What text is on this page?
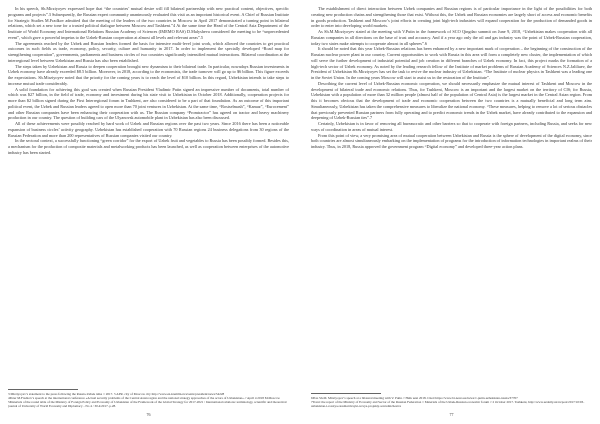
In his speech, Sh.Mirziyoyev expressed hope that “the countries’ mutual desire will fill bilateral partnership with new practical content, objectives, specific programs and projects”.3 Subsequently, the Russian expert community unanimously evaluated this visit as an important historical event. A Chief of Russian Institute for Strategic Studies M.Fradkov admitted that the meeting of the leaders of the two countries in Moscow in April 2017 demonstrated a turning point in bilateral relations, which set a new tone for a trusted political dialogue between Moscow and Tashkent.”4 At the same time the Head of the Central Asia Department of the Institute of World Economy and International Relations Russian Academy of Sciences (IMEMO RAS) D.Malysheva considered the meeting to be “unprecedented event”, which gave a powerful impetus to the Uzbek-Russian cooperation at almost all levels and relevant areas”.5

The agreements reached by the Uzbek and Russian leaders formed the basis for intensive multi-level joint work, which allowed the countries to get practical outcomes in such fields as trade, economy, policy, security, culture and humanity in 2017. In order to implement the specially developed “Road map for strengthening cooperation”, governments, parliaments and business circles of two countries significantly intensified mutual interactions. Bilateral coordination at the interregional level between Uzbekistan and Russia has also been established.

The steps taken by Uzbekistan and Russia to deepen cooperation brought new dynamism to their bilateral trade. In particular, nowadays Russian investments in Uzbek economy have already exceeded $8.5 billion. Moreover, in 2018, according to the economists, the trade turnover will go up to $6 billion. This figure exceeds the expectations. Sh.Mirziyoyev noted that the priority for the coming years is to reach the level of $10 billion. In this regard, Uzbekistan intends to take steps to increase mutual trade considerably.

A solid foundation for achieving this goal was created when Russian President Vladimir Putin signed an impressive number of documents, total number of which was $27 billion, in the field of trade, economy and investment during his state visit to Uzbekistan in October 2018. Additionally, cooperation projects for more than $2 billion signed during the First Interregional forum in Tashkent, are also considered to be a part of that foundation. As an outcome of this important political event, the Uzbek and Russian leaders agreed to open more than 70 joint ventures in Uzbekistan. At the same time, “Rostselmash”, “Kamaz”, “Eurocement” and other Russian companies have been enhancing their cooperation with us. The Russian company “Promtractor” has agreed on tractor and heavy machinery production in our country. The question of building cars of the Ulyanovsk automobile plant in Uzbekistan has also been discussed.

All of these achievements were possibly reached by hard work of Uzbek and Russian regions over the past two years. Since 2016 there has been a noticeable expansion of business circles’ activity geography. Uzbekistan has established cooperation with 70 Russian regions 24 business delegations from 30 regions of the Russian Federation and more than 200 representatives of Russian companies visited our country.

In the sectoral context, a successfully functioning “green corridor” for the export of Uzbek fruit and vegetables to Russia has been possibly formed. Besides this, a mechanism for the production of composite materials and metalworking products has been launched, as well as cooperation between enterprises of the automotive industry has been started.

3 Mirziyoyev’s statement to the press following the Russia-Uzbek talks // 2017. 5 APR. city of Moscow city http://www.en.kremlin.ru/events/president/news/54228

4Peter M.Fradkov’s speech at the international conference «Actual security problems of the Central Asian region and the national strategy approaches of the actors of Uzbekistan» // April 4 2018 M.Moscow

5Materials of the round table of the Ministry of Foreign Policy and Economy of Uzbekistan of the Framework of the Global Strategy for 2017-2021 / International relations: terminology, scientific and theoretical journal of University of World Economy and Diplomacy - No 4 / 30.4/2017. p.28.

76

The establishment of direct interaction between Uzbek companies and Russian regions is of particular importance in the light of the possibilities for both creating new production chains and strengthening those that exist. Without this, the Uzbek and Russian economies are largely short of access and economic benefits in goods production. Tashkent and Moscow’s joint efforts in creating joint high-tech industries will expand cooperation for the production of demanded goods in order to enter into developing world markets.

As Sh.M.Mirziyoyev stated at the meeting with V.Putin in the framework of SCO Qingdao summit on June 9, 2018, “Uzbekistan makes cooperation with all Russian companies in all directions on the base of trust and accuracy. And if a year ago only the oil and gas industry was the point of Uzbek-Russian cooperation, today two states make attempts to cooperate almost in all spheres”.6

It should be noted that this year Uzbek-Russian relations has been enhanced by a new important mark of cooperation – the beginning of the construction of the Russian nuclear power plant in our country. Current opportunities to work with Russia in this area will form a completely new cluster, the implementation of which will serve the further development of industrial potential and job creation in different branches of Uzbek economy. In fact, this project marks the formation of a high-tech sector of Uzbek economy. As noted by the leading research fellow of the Institute of market problems of Russian Academy of Sciences N.Z.Jaliliaev, the President of Uzbekistan Sh.Mirziyoyev has set the task to revive the nuclear industry of Uzbekistan. “The Institute of nuclear physics in Tashkent was a leading one in the Soviet Union. In the coming years Moscow will start to assist us in the restoration of the Institute”.

Describing the current level of Uzbek-Russian economic cooperation, we should necessarily emphasize the mutual interest of Tashkent and Moscow in the development of bilateral trade and economic relations. Thus, for Tashkent, Moscow is an important and the largest market on the territory of CIS; for Russia, Uzbekistan with a population of more than 32 million people (almost half of the population of Central Asia) is the largest market in the Central Asian region. From this it becomes obvious that the development of trade and economic cooperation between the two countries is a mutually beneficial and long term aim. Simultaneously, Uzbekistan has taken the comprehensive measures to liberalize the national economy. “These measures, helping to remove a lot of serious obstacles that previously prevented Russian partners from fully operating and to predict economic trends in the Uzbek market, have already contributed to the expansion and deepening of Uzbek-Russian ties”.7

Certainly, Uzbekistan is in favor of removing all bureaucratic and other barriers so that to cooperate with foreign partners, including Russia, and seeks for new ways of coordination in areas of mutual interest.

From this point of view, a very promising area of mutual cooperation between Uzbekistan and Russia is the sphere of development of the digital economy, since both countries are almost simultaneously embarking on the implementation of programs for the introduction of information technologies in important realms of their industry. Thus, in 2018, Russia approved the government program “Digital economy” and developed three-year action plans.

6Pres Sh.M. Mirziyoyev’s speech at a bilateral meeting with V. Putin // Halk uzei 2018. Cited https://www.bi-news.uz/news/v-putin-uzbekistan-russia/37707

7Trent: the report of the Ministry of Economy and Sector of the Russian Federation // Materials of the Uzbek-Russian economic forum // 2 October 2017. Tashkent, http://www.uzdaily.uz/ru/post/2017/10/03-uzbekistan-i-rossiya-rassmatrivayut-novye-projekty-sotrudnichestva

77
